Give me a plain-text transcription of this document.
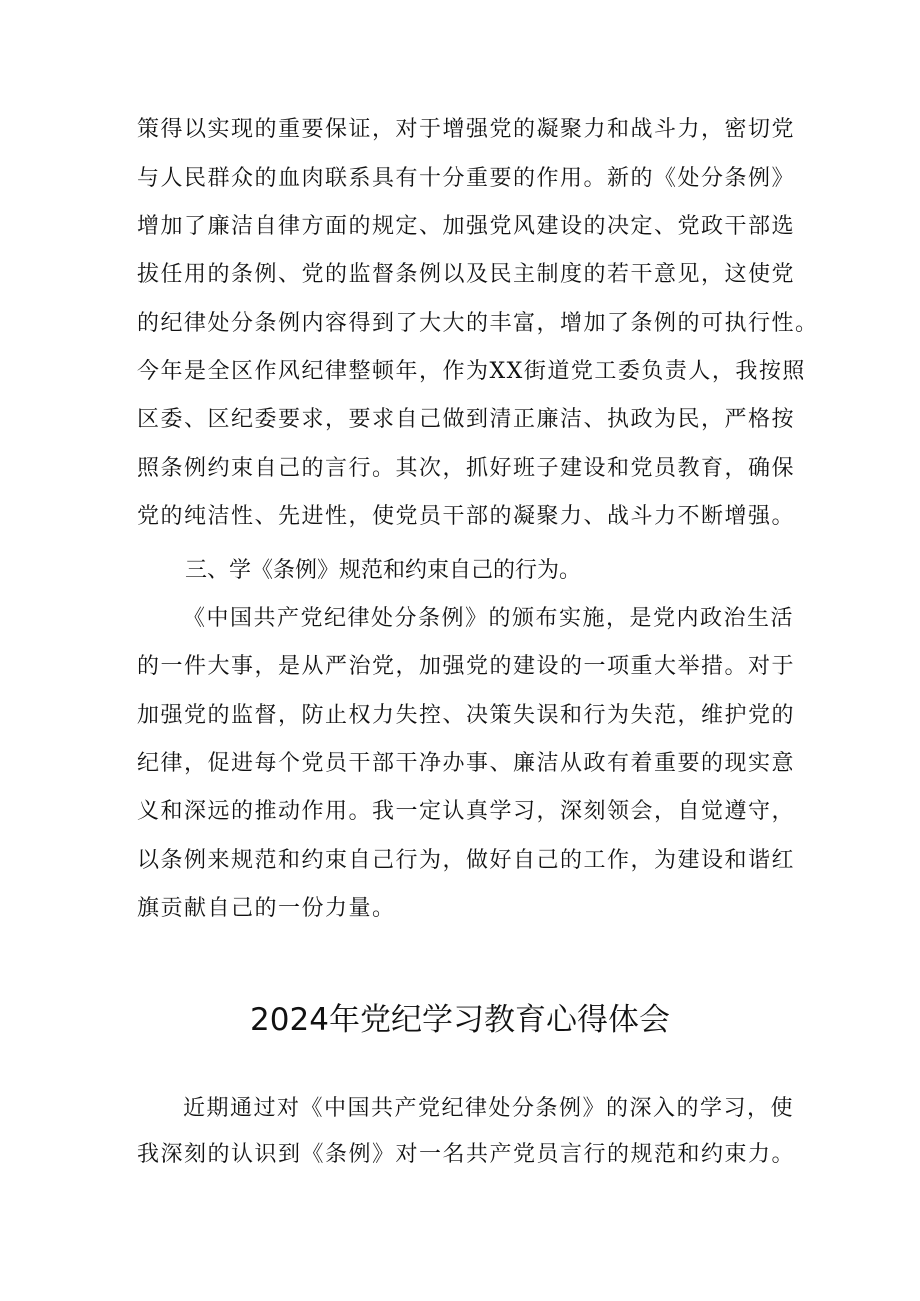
策得以实现的重要保证，对于增强党的凝聚力和战斗力，密切党
与人民群众的血肉联系具有十分重要的作用。新的《处分条例》
增加了廉洁自律方面的规定、加强党风建设的决定、党政干部选
拔任用的条例、党的监督条例以及民主制度的若干意见，这使党
的纪律处分条例内容得到了大大的丰富，增加了条例的可执行性。
今年是全区作风纪律整顿年，作为XX街道党工委负责人，我按照
区委、区纪委要求，要求自己做到清正廉洁、执政为民，严格按
照条例约束自己的言行。其次，抓好班子建设和党员教育，确保
党的纯洁性、先进性，使党员干部的凝聚力、战斗力不断增强。
三、学《条例》规范和约束自己的行为。
《中国共产党纪律处分条例》的颁布实施，是党内政治生活
的一件大事，是从严治党，加强党的建设的一项重大举措。对于
加强党的监督，防止权力失控、决策失误和行为失范，维护党的
纪律，促进每个党员干部干净办事、廉洁从政有着重要的现实意
义和深远的推动作用。我一定认真学习，深刻领会，自觉遵守，
以条例来规范和约束自己行为，做好自己的工作，为建设和谐红
旗贡献自己的一份力量。
2024年党纪学习教育心得体会
近期通过对《中国共产党纪律处分条例》的深入的学习，使
我深刻的认识到《条例》对一名共产党员言行的规范和约束力。
